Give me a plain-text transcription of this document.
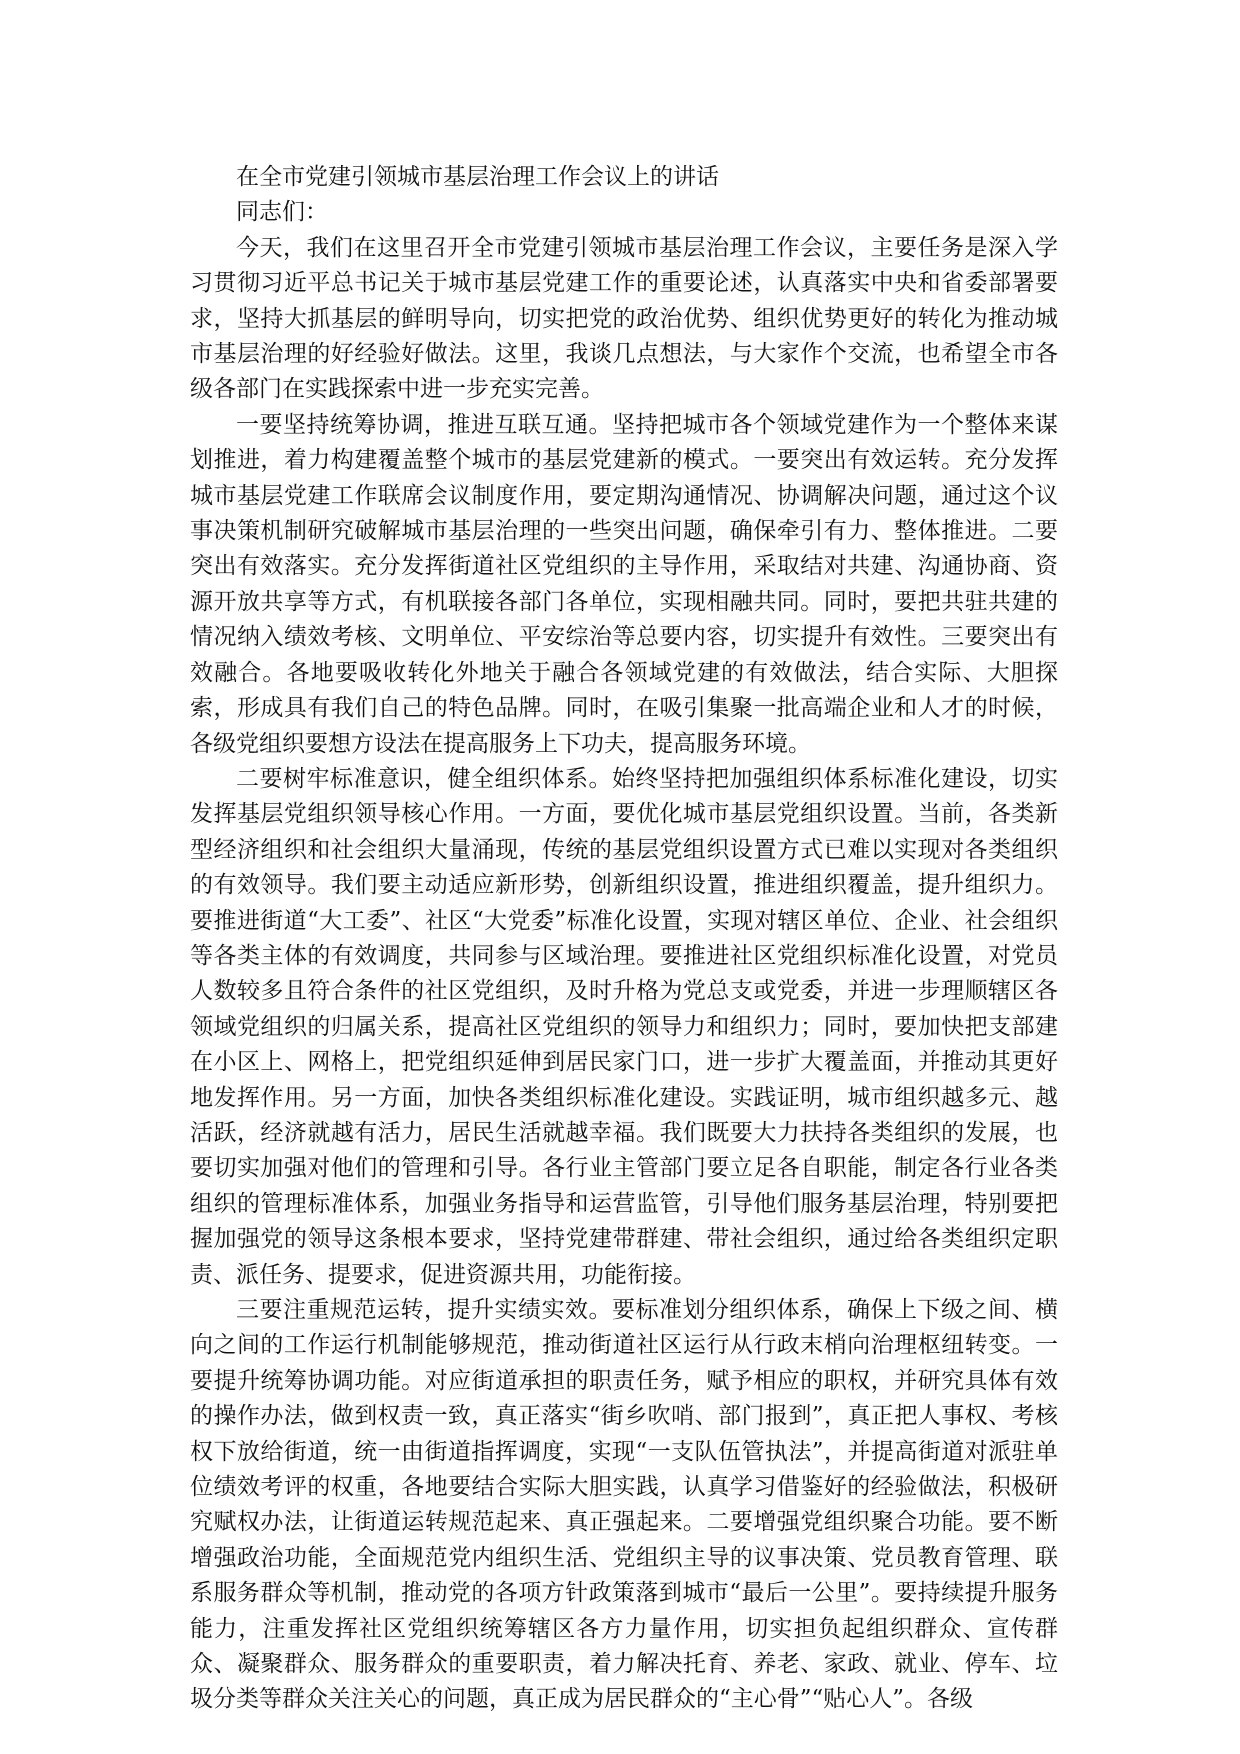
在全市党建引领城市基层治理工作会议上的讲话

同志们：

今天，我们在这里召开全市党建引领城市基层治理工作会议，主要任务是深入学习贯彻习近平总书记关于城市基层党建工作的重要论述，认真落实中央和省委部署要求，坚持大抓基层的鲜明导向，切实把党的政治优势、组织优势更好的转化为推动城市基层治理的好经验好做法。这里，我谈几点想法，与大家作个交流，也希望全市各级各部门在实践探索中进一步充实完善。

一要坚持统筹协调，推进互联互通。坚持把城市各个领域党建作为一个整体来谋划推进，着力构建覆盖整个城市的基层党建新的模式。一要突出有效运转。充分发挥城市基层党建工作联席会议制度作用，要定期沟通情况、协调解决问题，通过这个议事决策机制研究破解城市基层治理的一些突出问题，确保牵引有力、整体推进。二要突出有效落实。充分发挥街道社区党组织的主导作用，采取结对共建、沟通协商、资源开放共享等方式，有机联接各部门各单位，实现相融共同。同时，要把共驻共建的情况纳入绩效考核、文明单位、平安综治等总要内容，切实提升有效性。三要突出有效融合。各地要吸收转化外地关于融合各领域党建的有效做法，结合实际、大胆探索，形成具有我们自己的特色品牌。同时，在吸引集聚一批高端企业和人才的时候，各级党组织要想方设法在提高服务上下功夫，提高服务环境。

二要树牢标准意识，健全组织体系。始终坚持把加强组织体系标准化建设，切实发挥基层党组织领导核心作用。一方面，要优化城市基层党组织设置。当前，各类新型经济组织和社会组织大量涌现，传统的基层党组织设置方式已难以实现对各类组织的有效领导。我们要主动适应新形势，创新组织设置，推进组织覆盖，提升组织力。要推进街道“大工委”、社区“大党委”标准化设置，实现对辖区单位、企业、社会组织等各类主体的有效调度，共同参与区域治理。要推进社区党组织标准化设置，对党员人数较多且符合条件的社区党组织，及时升格为党总支或党委，并进一步理顺辖区各领域党组织的归属关系，提高社区党组织的领导力和组织力；同时，要加快把支部建在小区上、网格上，把党组织延伸到居民家门口，进一步扩大覆盖面，并推动其更好地发挥作用。另一方面，加快各类组织标准化建设。实践证明，城市组织越多元、越活跃，经济就越有活力，居民生活就越幸福。我们既要大力扶持各类组织的发展，也要切实加强对他们的管理和引导。各行业主管部门要立足各自职能，制定各行业各类组织的管理标准体系，加强业务指导和运营监管，引导他们服务基层治理，特别要把握加强党的领导这条根本要求，坚持党建带群建、带社会组织，通过给各类组织定职责、派任务、提要求，促进资源共用，功能衔接。

三要注重规范运转，提升实绩实效。要标准划分组织体系，确保上下级之间、横向之间的工作运行机制能够规范，推动街道社区运行从行政末梢向治理枢纽转变。一要提升统筹协调功能。对应街道承担的职责任务，赋予相应的职权，并研究具体有效的操作办法，做到权责一致，真正落实“街乡吹哨、部门报到”，真正把人事权、考核权下放给街道，统一由街道指挥调度，实现“一支队伍管执法”，并提高街道对派驻单位绩效考评的权重，各地要结合实际大胆实践，认真学习借鉴好的经验做法，积极研究赋权办法，让街道运转规范起来、真正强起来。二要增强党组织聚合功能。要不断增强政治功能，全面规范党内组织生活、党组织主导的议事决策、党员教育管理、联系服务群众等机制，推动党的各项方针政策落到城市“最后一公里”。要持续提升服务能力，注重发挥社区党组织统筹辖区各方力量作用，切实担负起组织群众、宣传群众、凝聚群众、服务群众的重要职责，着力解决托育、养老、家政、就业、停车、垃圾分类等群众关注关心的问题，真正成为居民群众的“主心骨”“贴心人”。各级
